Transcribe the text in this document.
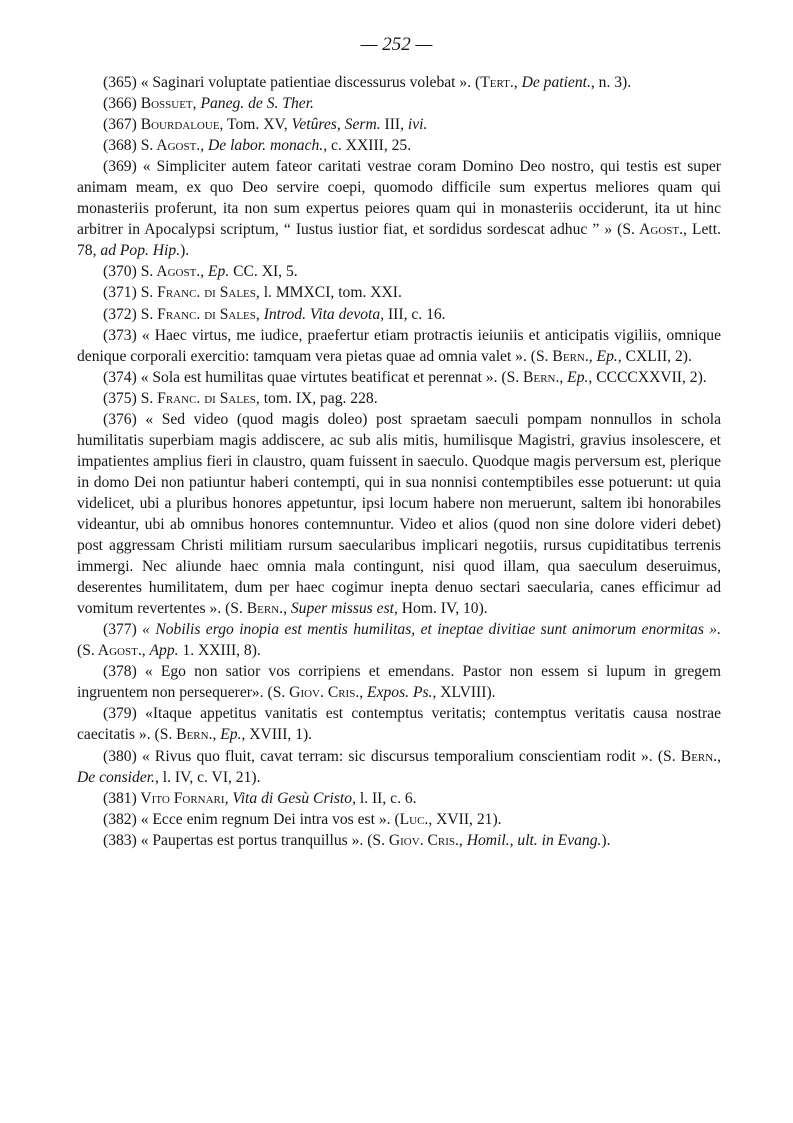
— 252 —

(365) « Saginari voluptate patientiae discessurus volebat ». (Tert., De patient., n. 3).

(366) Bossuet, Paneg. de S. Ther.

(367) Bourdaloue, Tom. XV, Vetûres, Serm. III, ivi.

(368) S. Agost., De labor. monach., c. XXIII, 25.

(369) « Simpliciter autem fateor caritati vestrae coram Domino Deo nostro, qui testis est super animam meam, ex quo Deo servire coepi, quomodo difficile sum expertus meliores quam qui monasteriis proferunt, ita non sum expertus peiores quam qui in monasteriis occiderunt, ita ut hinc arbitrer in Apocalypsi scriptum, “ Iustus iustior fiat, et sordidus sordescat adhuc ” » (S. Agost., Lett. 78, ad Pop. Hip.).

(370) S. Agost., Ep. CC. XI, 5.

(371) S. Franc. di Sales, l. MMXCI, tom. XXI.

(372) S. Franc. di Sales, Introd. Vita devota, III, c. 16.

(373) « Haec virtus, me iudice, praefertur etiam protractis ieiuniis et anticipatis vigiliis, omnique denique corporali exercitio: tamquam vera pietas quae ad omnia valet ». (S. Bern., Ep., CXLII, 2).

(374) « Sola est humilitas quae virtutes beatificat et perennat ». (S. Bern., Ep., CCCCXXVII, 2).

(375) S. Franc. di Sales, tom. IX, pag. 228.

(376) « Sed video (quod magis doleo) post spraetam saeculi pompam nonnullos in schola humilitatis superbiam magis addiscere, ac sub alis mitis, humilisque Magistri, gravius insolescere, et impatientes amplius fieri in claustro, quam fuissent in saeculo. Quodque magis perversum est, plerique in domo Dei non patiuntur haberi contempti, qui in sua nonnisi contemptibiles esse potuerunt: ut quia videlicet, ubi a pluribus honores appetuntur, ipsi locum habere non meruerunt, saltem ibi honorabiles videantur, ubi ab omnibus honores contemnuntur. Video et alios (quod non sine dolore videri debet) post aggressam Christi militiam rursum saecularibus implicari negotiis, rursus cupiditatibus terrenis immergi. Nec aliunde haec omnia mala contingunt, nisi quod illam, qua saeculum deseruimus, deserentes humilitatem, dum per haec cogimur inepta denuo sectari saecularia, canes efficimur ad vomitum revertentes ». (S. Bern., Super missus est, Hom. IV, 10).

(377) « Nobilis ergo inopia est mentis humilitas, et ineptae divitiae sunt animorum enormitas ». (S. Agost., App. 1. XXIII, 8).

(378) « Ego non satior vos corripiens et emendans. Pastor non essem si lupum in gregem ingruentem non persequerer». (S. Giov. Cris., Expos. Ps., XLVIII).

(379) «Itaque appetitus vanitatis est contemptus veritatis; contemptus veritatis causa nostrae caecitatis ». (S. Bern., Ep., XVIII, 1).

(380) « Rivus quo fluit, cavat terram: sic discursus temporalium conscientiam rodit ». (S. Bern., De consider., l. IV, c. VI, 21).

(381) Vito Fornari, Vita di Gesù Cristo, l. II, c. 6.

(382) « Ecce enim regnum Dei intra vos est ». (Luc., XVII, 21).

(383) « Paupertas est portus tranquillus ». (S. Giov. Cris., Homil., ult. in Evang.).
